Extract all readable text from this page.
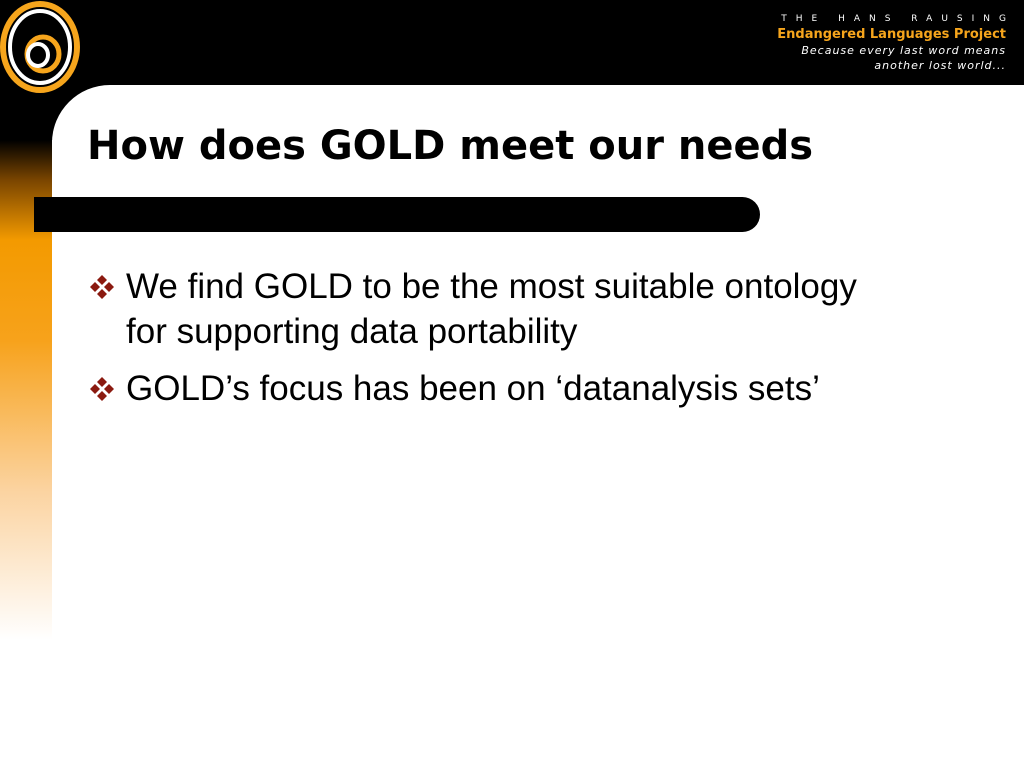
THE HANS RAUSING
Endangered Languages Project
Because every last word means
another lost world...
How does GOLD meet our needs
We find GOLD to be the most suitable ontology
for supporting data portability
GOLD’s focus has been on ‘datanalysis sets’
